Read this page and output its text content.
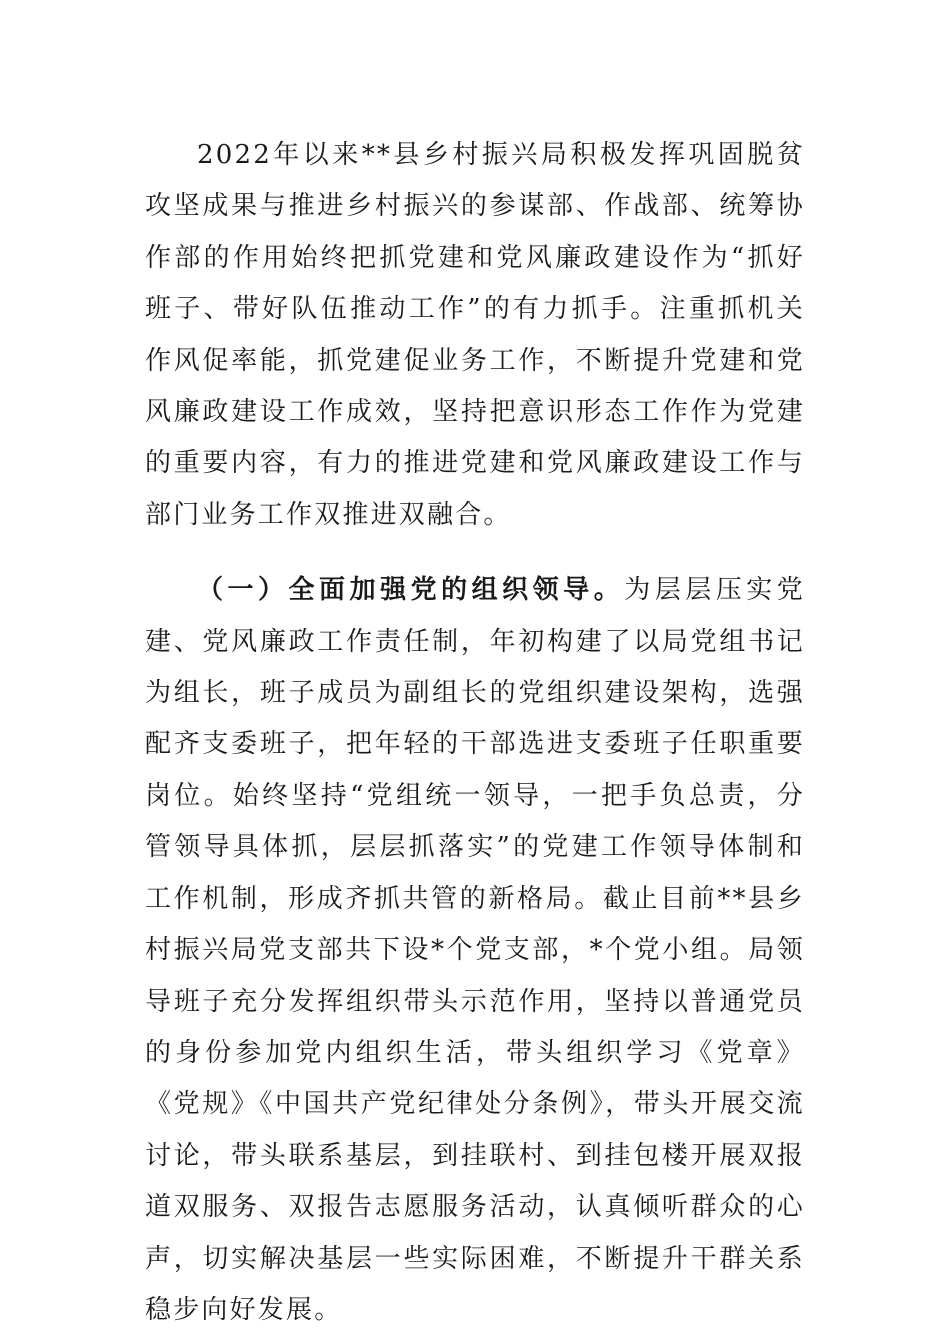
2022年以来**县乡村振兴局积极发挥巩固脱贫攻坚成果与推进乡村振兴的参谋部、作战部、统筹协作部的作用始终把抓党建和党风廉政建设作为“抓好班子、带好队伍推动工作”的有力抓手。注重抓机关作风促率能，抓党建促业务工作，不断提升党建和党风廉政建设工作成效，坚持把意识形态工作作为党建的重要内容，有力的推进党建和党风廉政建设工作与部门业务工作双推进双融合。

（一）全面加强党的组织领导。为层层压实党建、党风廉政工作责任制，年初构建了以局党组书记为组长，班子成员为副组长的党组织建设架构，选强配齐支委班子，把年轻的干部选进支委班子任职重要岗位。始终坚持“党组统一领导，一把手负总责，分管领导具体抓，层层抓落实”的党建工作领导体制和工作机制，形成齐抓共管的新格局。截止目前**县乡村振兴局党支部共下设*个党支部，*个党小组。局领导班子充分发挥组织带头示范作用，坚持以普通党员的身份参加党内组织生活，带头组织学习《党章》《党规》《中国共产党纪律处分条例》，带头开展交流讨论，带头联系基层，到挂联村、到挂包楼开展双报道双服务、双报告志愿服务活动，认真倾听群众的心声，切实解决基层一些实际困难，不断提升干群关系稳步向好发展。
